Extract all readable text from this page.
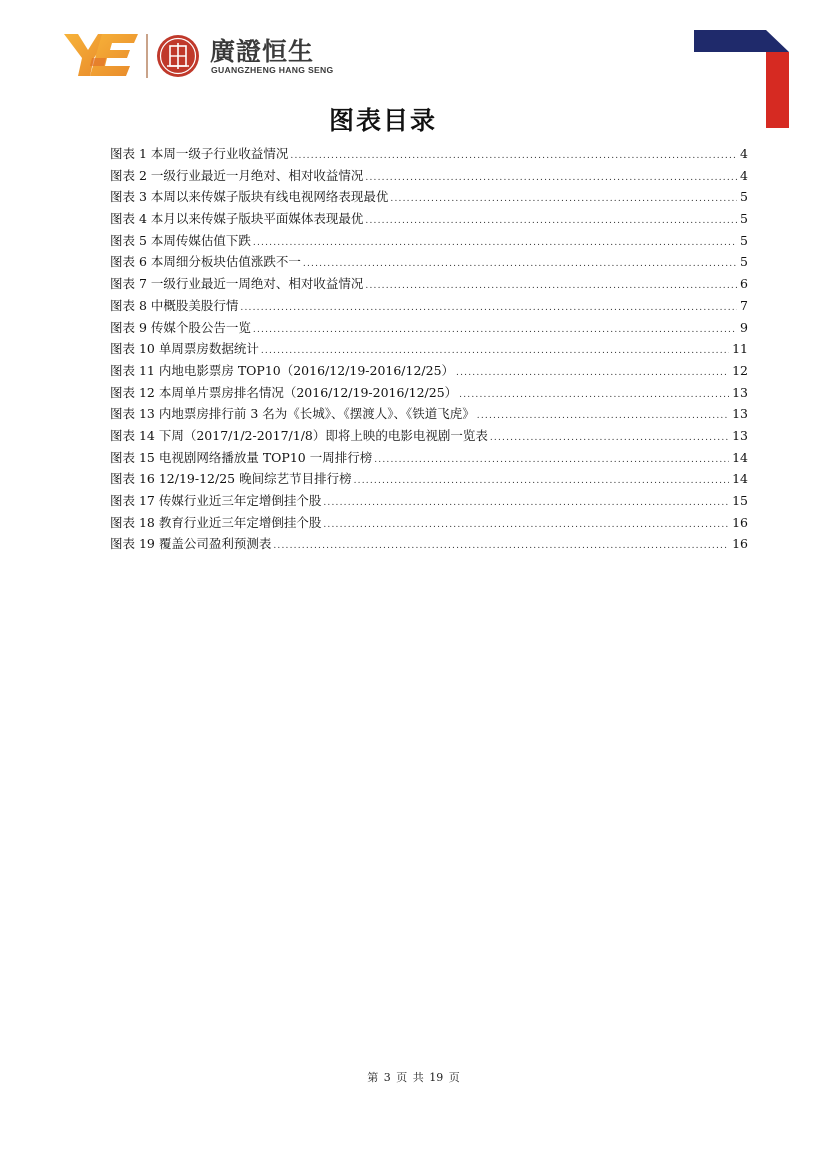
廣證恒生
GUANGZHENG HANG SENG
图表目录
图表 1 本周一级子行业收益情况 .....	4
图表 2 一级行业最近一月绝对、相对收益情况 .....	4
图表 3 本周以来传媒子版块有线电视网络表现最优 .....	5
图表 4 本月以来传媒子版块平面媒体表现最优 .....	5
图表 5 本周传媒估值下跌 .....	5
图表 6 本周细分板块估值涨跌不一 .....	5
图表 7 一级行业最近一周绝对、相对收益情况 .....	6
图表 8 中概股美股行情 .....	7
图表 9 传媒个股公告一览 .....	9
图表 10 单周票房数据统计 .....	11
图表 11 内地电影票房 TOP10（2016/12/19-2016/12/25） .....	12
图表 12 本周单片票房排名情况（2016/12/19-2016/12/25） .....	13
图表 13 内地票房排行前 3 名为《长城》、《摆渡人》、《铁道飞虎》 .....	13
图表 14 下周（2017/1/2-2017/1/8）即将上映的电影电视剧一览表 .....	13
图表 15 电视剧网络播放量 TOP10 一周排行榜 .....	14
图表 16 12/19-12/25 晚间综艺节目排行榜 .....	14
图表 17 传媒行业近三年定增倒挂个股 .....	15
图表 18 教育行业近三年定增倒挂个股 .....	16
图表 19 覆盖公司盈利预测表 .....	16
第 3 页 共 19 页
